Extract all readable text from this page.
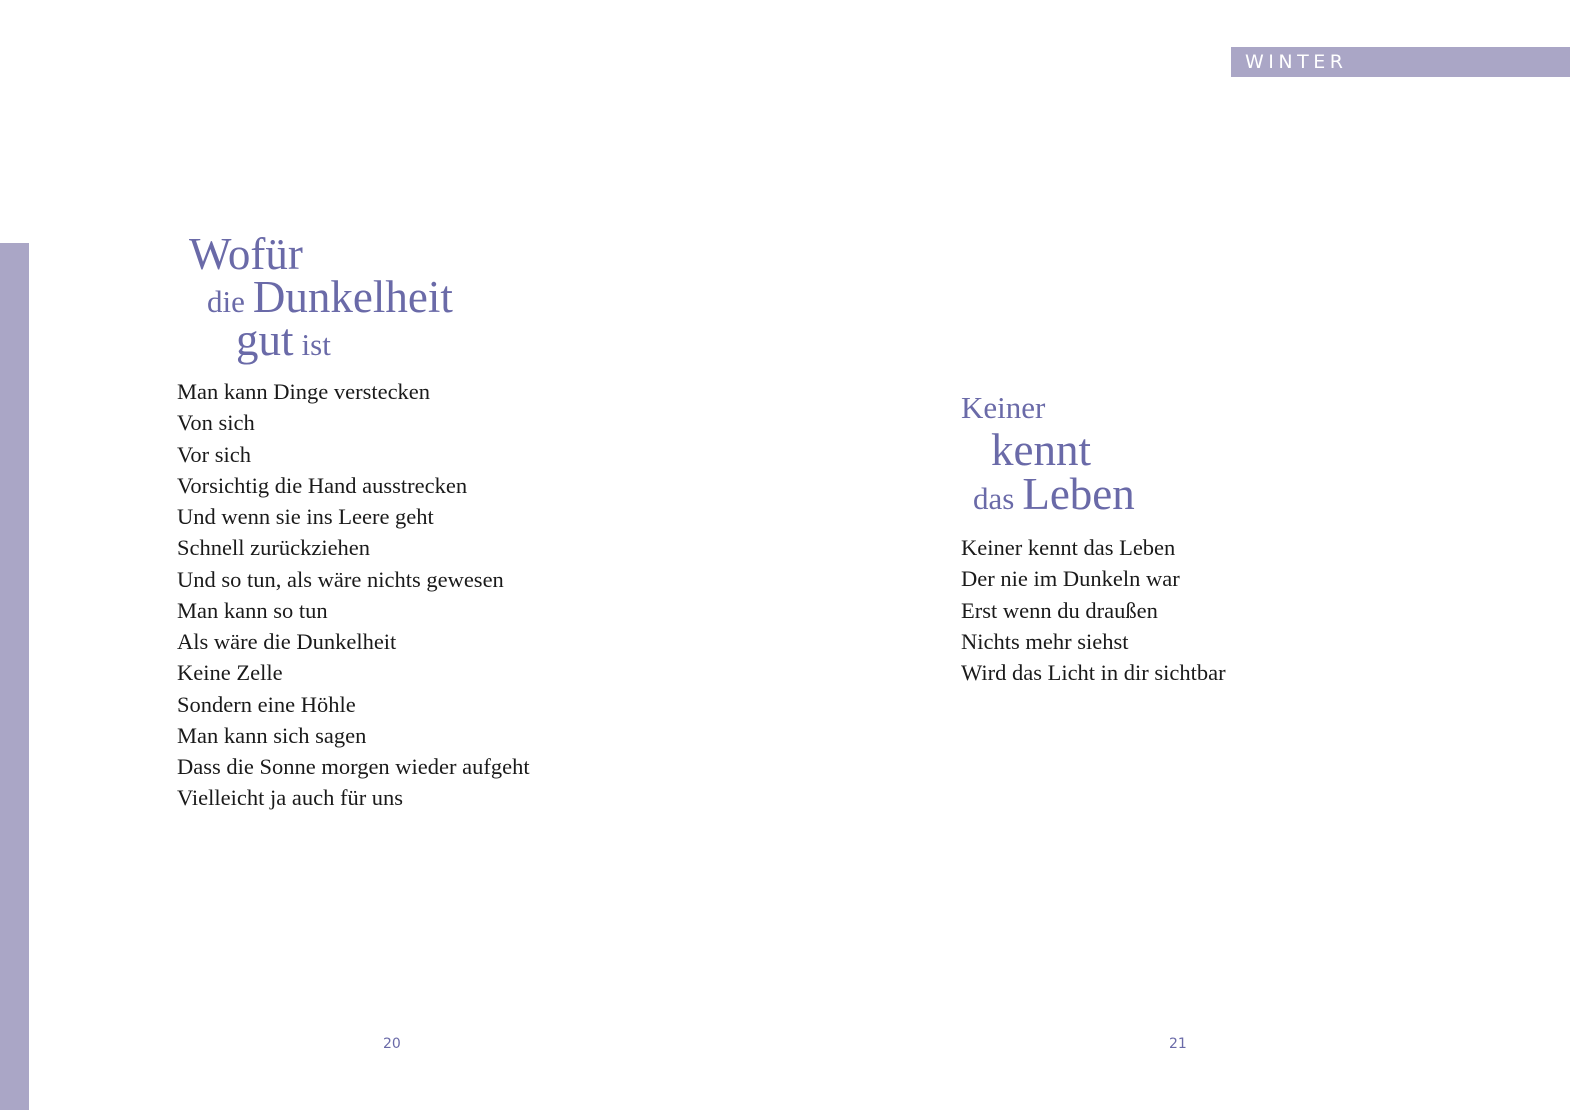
WINTER
Wofür
die Dunkelheit
gut ist
Man kann Dinge verstecken
Von sich
Vor sich
Vorsichtig die Hand ausstrecken
Und wenn sie ins Leere geht
Schnell zurückziehen
Und so tun, als wäre nichts gewesen
Man kann so tun
Als wäre die Dunkelheit
Keine Zelle
Sondern eine Höhle
Man kann sich sagen
Dass die Sonne morgen wieder aufgeht
Vielleicht ja auch für uns
20
Keiner
kennt
das Leben
Keiner kennt das Leben
Der nie im Dunkeln war
Erst wenn du draußen
Nichts mehr siehst
Wird das Licht in dir sichtbar
21
